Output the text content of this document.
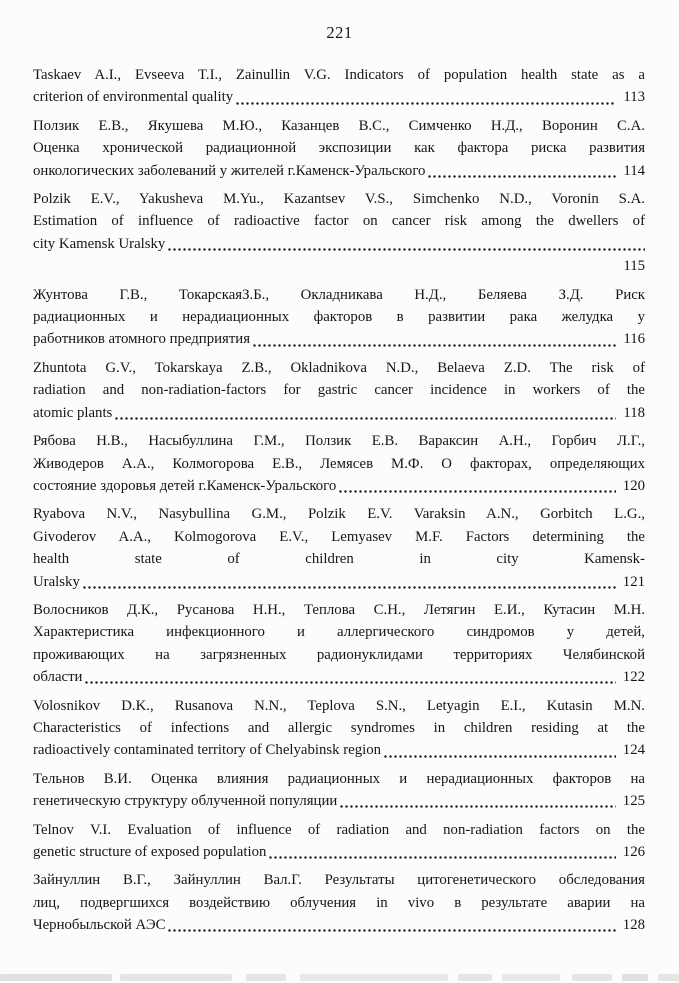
221
Taskaev A.I., Evseeva T.I., Zainullin V.G. Indicators of population health state as a
criterion of environmental quality	113
Ползик Е.В., Якушева М.Ю., Казанцев В.С., Симченко Н.Д., Воронин С.А.
Оценка хронической радиационной экспозиции как фактора риска развития
онкологических заболеваний у жителей г.Каменск-Уральского	114
Polzik E.V., Yakusheva M.Yu., Kazantsev V.S., Simchenko N.D., Voronin S.A.
Estimation of influence of radioactive factor on cancer risk among the dwellers of
city Kamensk Uralsky
115
Жунтова Г.В., ТокарскаяЗ.Б., Окладникава Н.Д., Беляева З.Д. Риск
радиационных и нерадиационных факторов в развитии рака желудка у
работников атомного предприятия	116
Zhuntota G.V., Tokarskaya Z.B., Okladnikova N.D., Belaeva Z.D. The risk of
radiation and non-radiation-factors for gastric cancer incidence in workers of the
atomic plants	118
Рябова Н.В., Насыбуллина Г.М., Ползик Е.В. Вараксин А.Н., Горбич Л.Г.,
Живодеров А.А., Колмогорова Е.В., Лемясев М.Ф. О факторах, определяющих
состояние здоровья детей г.Каменск-Уральского	120
Ryabova N.V., Nasybullina G.M., Polzik E.V. Varaksin A.N., Gorbitch L.G.,
Givoderov A.A., Kolmogorova E.V., Lemyasev M.F. Factors determining the
health state of children in city Kamensk-
Uralsky	121
Волосников Д.К., Русанова Н.Н., Теплова С.Н., Летягин Е.И., Кутасин М.Н.
Характеристика инфекционного и аллергического синдромов у детей,
проживающих на загрязненных радионуклидами территориях Челябинской
области	122
Volosnikov D.K., Rusanova N.N., Teplova S.N., Letyagin E.I., Kutasin M.N.
Characteristics of infections and allergic syndromes in children residing at the
radioactively contaminated territory of Chelyabinsk region	124
Тельнов В.И. Оценка влияния радиационных и нерадиационных факторов на
генетическую структуру облученной популяции	125
Telnov V.I. Evaluation of influence of radiation and non-radiation factors on the
genetic structure of exposed population	126
Зайнуллин В.Г., Зайнуллин Вал.Г. Результаты цитогенетического обследования
лиц, подвергшихся воздействию облучения in vivo в результате аварии на
Чернобыльской АЭС	128
